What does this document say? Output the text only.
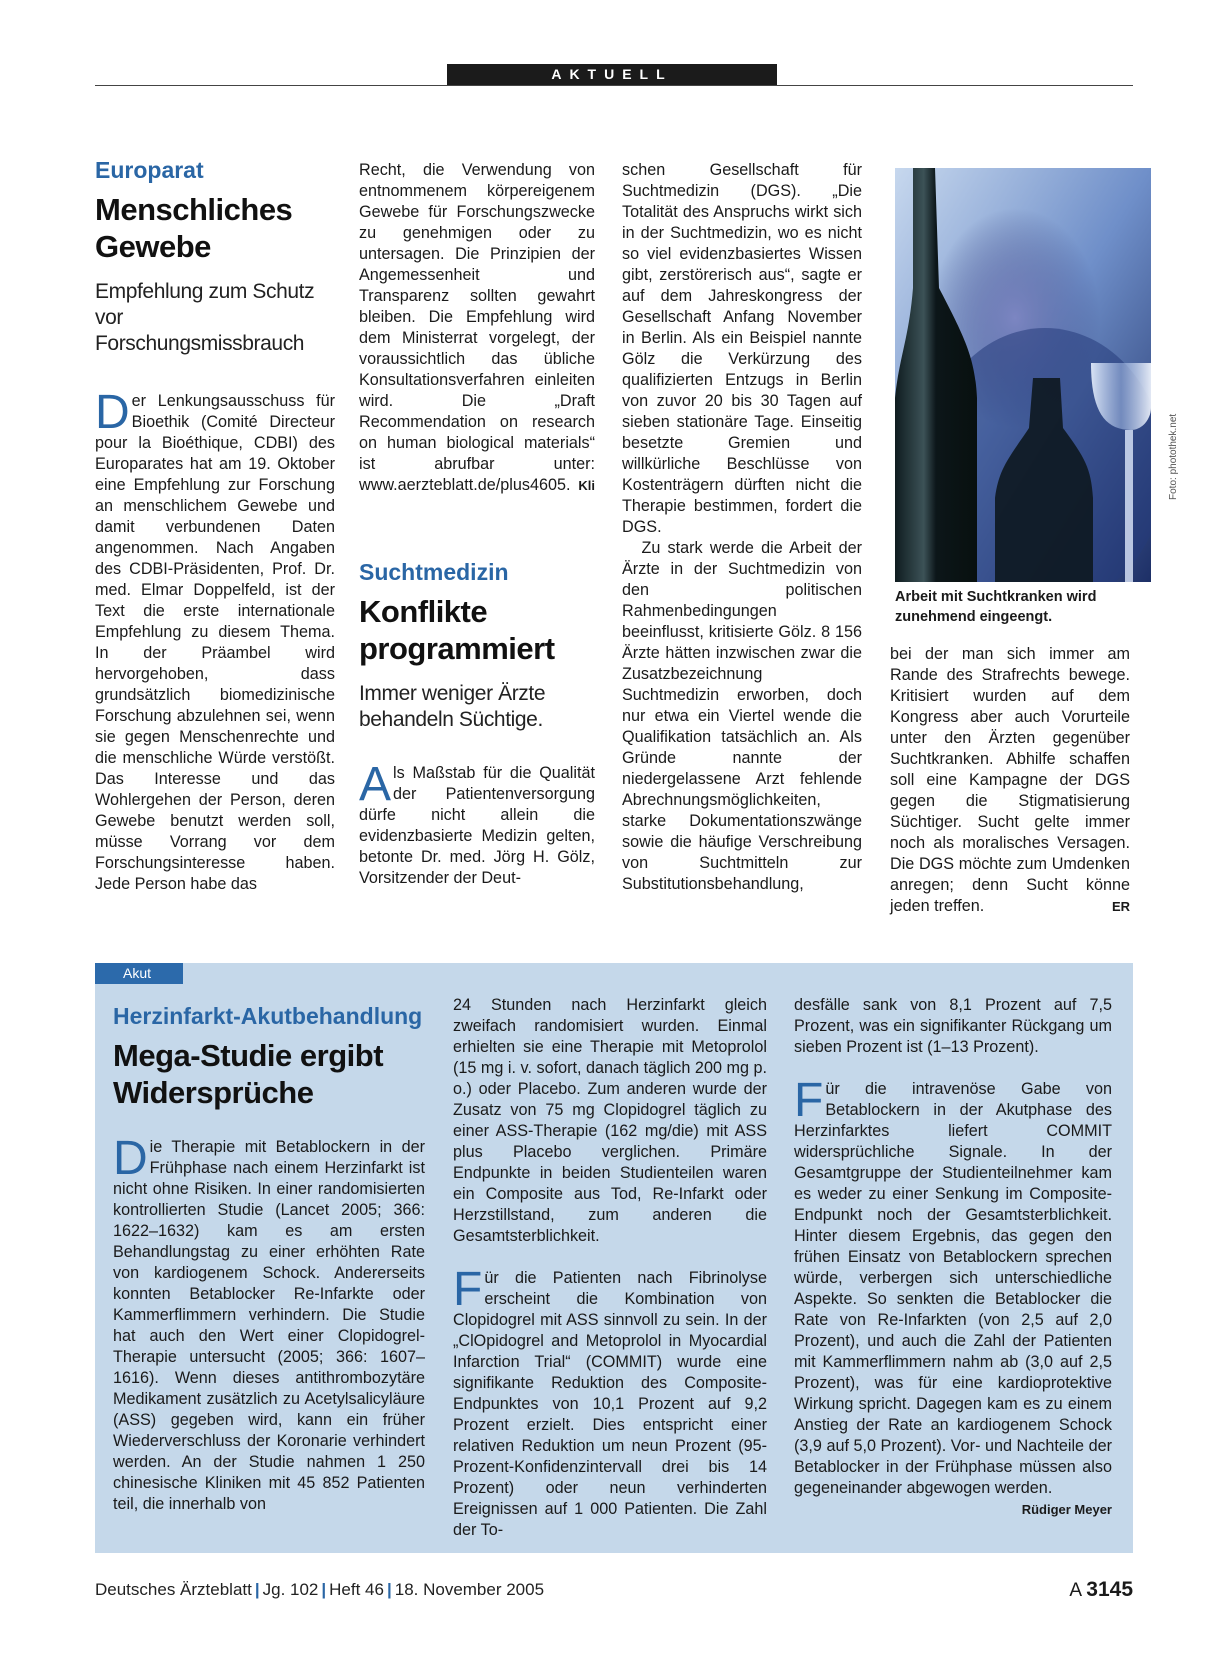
AKTUELL
Europarat
Menschliches
Gewebe
Empfehlung zum Schutz vor Forschungsmissbrauch

Der Lenkungsausschuss für Bioethik (Comité Directeur pour la Bioéthique, CDBI) des Europarates hat am 19. Oktober eine Empfehlung zur Forschung an menschlichem Gewebe und damit verbundenen Daten angenommen. Nach Angaben des CDBI-Präsidenten, Prof. Dr. med. Elmar Doppelfeld, ist der Text die erste internationale Empfehlung zu diesem Thema. In der Präambel wird hervorgehoben, dass grundsätzlich biomedizinische Forschung abzulehnen sei, wenn sie gegen Menschenrechte und die menschliche Würde verstößt. Das Interesse und das Wohlergehen der Person, deren Gewebe benutzt werden soll, müsse Vorrang vor dem Forschungsinteresse haben. Jede Person habe das

Recht, die Verwendung von entnommenem körpereigenem Gewebe für Forschungszwecke zu genehmigen oder zu untersagen. Die Prinzipien der Angemessenheit und Transparenz sollten gewahrt bleiben. Die Empfehlung wird dem Ministerrat vorgelegt, der voraussichtlich das übliche Konsultationsverfahren einleiten wird. Die „Draft Recommendation on research on human biological materials“ ist abrufbar unter: www.aerzteblatt.de/plus4605. Kli

Suchtmedizin
Konflikte
programmiert
Immer weniger Ärzte behandeln Süchtige.

Als Maßstab für die Qualität der Patientenversorgung dürfe nicht allein die evidenzbasierte Medizin gelten, betonte Dr. med. Jörg H. Gölz, Vorsitzender der Deut-

schen Gesellschaft für Suchtmedizin (DGS). „Die Totalität des Anspruchs wirkt sich in der Suchtmedizin, wo es nicht so viel evidenzbasiertes Wissen gibt, zerstörerisch aus“, sagte er auf dem Jahreskongress der Gesellschaft Anfang November in Berlin. Als ein Beispiel nannte Gölz die Verkürzung des qualifizierten Entzugs in Berlin von zuvor 20 bis 30 Tagen auf sieben stationäre Tage. Einseitig besetzte Gremien und willkürliche Beschlüsse von Kostenträgern dürften nicht die Therapie bestimmen, fordert die DGS.

Zu stark werde die Arbeit der Ärzte in der Suchtmedizin von den politischen Rahmenbedingungen beeinflusst, kritisierte Gölz. 8 156 Ärzte hätten inzwischen zwar die Zusatzbezeichnung Suchtmedizin erworben, doch nur etwa ein Viertel wende die Qualifikation tatsächlich an. Als Gründe nannte der niedergelassene Arzt fehlende Abrechnungsmöglichkeiten, starke Dokumentationszwänge sowie die häufige Verschreibung von Suchtmitteln zur Substitutionsbehandlung,

Arbeit mit Suchtkranken wird zunehmend eingeengt.
Foto: photothek.net

bei der man sich immer am Rande des Strafrechts bewege. Kritisiert wurden auf dem Kongress aber auch Vorurteile unter den Ärzten gegenüber Suchtkranken. Abhilfe schaffen soll eine Kampagne der DGS gegen die Stigmatisierung Süchtiger. Sucht gelte immer noch als moralisches Versagen. Die DGS möchte zum Umdenken anregen; denn Sucht könne jeden treffen.	ER

Akut
Herzinfarkt-Akutbehandlung
Mega-Studie ergibt
Widersprüche

Die Therapie mit Betablockern in der Frühphase nach einem Herzinfarkt ist nicht ohne Risiken. In einer randomisierten kontrollierten Studie (Lancet 2005; 366: 1622–1632) kam es am ersten Behandlungstag zu einer erhöhten Rate von kardiogenem Schock. Andererseits konnten Betablocker Re-Infarkte oder Kammerflimmern verhindern. Die Studie hat auch den Wert einer Clopidogrel-Therapie untersucht (2005; 366: 1607–1616). Wenn dieses antithrombozytäre Medikament zusätzlich zu Acetylsalicyläure (ASS) gegeben wird, kann ein früher Wiederverschluss der Koronarie verhindert werden. An der Studie nahmen 1 250 chinesische Kliniken mit 45 852 Patienten teil, die innerhalb von

24 Stunden nach Herzinfarkt gleich zweifach randomisiert wurden. Einmal erhielten sie eine Therapie mit Metoprolol (15 mg i. v. sofort, danach täglich 200 mg p. o.) oder Placebo. Zum anderen wurde der Zusatz von 75 mg Clopidogrel täglich zu einer ASS-Therapie (162 mg/die) mit ASS plus Placebo verglichen. Primäre Endpunkte in beiden Studienteilen waren ein Composite aus Tod, Re-Infarkt oder Herzstillstand, zum anderen die Gesamtsterblichkeit.

Für die Patienten nach Fibrinolyse erscheint die Kombination von Clopidogrel mit ASS sinnvoll zu sein. In der „ClOpidogrel and Metoprolol in Myocardial Infarction Trial“ (COMMIT) wurde eine signifikante Reduktion des Composite-Endpunktes von 10,1 Prozent auf 9,2 Prozent erzielt. Dies entspricht einer relativen Reduktion um neun Prozent (95-Prozent-Konfidenzintervall drei bis 14 Prozent) oder neun verhinderten Ereignissen auf 1 000 Patienten. Die Zahl der To-

desfälle sank von 8,1 Prozent auf 7,5 Prozent, was ein signifikanter Rückgang um sieben Prozent ist (1–13 Prozent).

Für die intravenöse Gabe von Betablockern in der Akutphase des Herzinfarktes liefert COMMIT widersprüchliche Signale. In der Gesamtgruppe der Studienteilnehmer kam es weder zu einer Senkung im Composite-Endpunkt noch der Gesamtsterblichkeit. Hinter diesem Ergebnis, das gegen den frühen Einsatz von Betablockern sprechen würde, verbergen sich unterschiedliche Aspekte. So senkten die Betablocker die Rate von Re-Infarkten (von 2,5 auf 2,0 Prozent), und auch die Zahl der Patienten mit Kammerflimmern nahm ab (3,0 auf 2,5 Prozent), was für eine kardioprotektive Wirkung spricht. Dagegen kam es zu einem Anstieg der Rate an kardiogenem Schock (3,9 auf 5,0 Prozent). Vor- und Nachteile der Betablocker in der Frühphase müssen also gegeneinander abgewogen werden.
Rüdiger Meyer

Deutsches Ärzteblatt | Jg. 102 | Heft 46 | 18. November 2005	A 3145
